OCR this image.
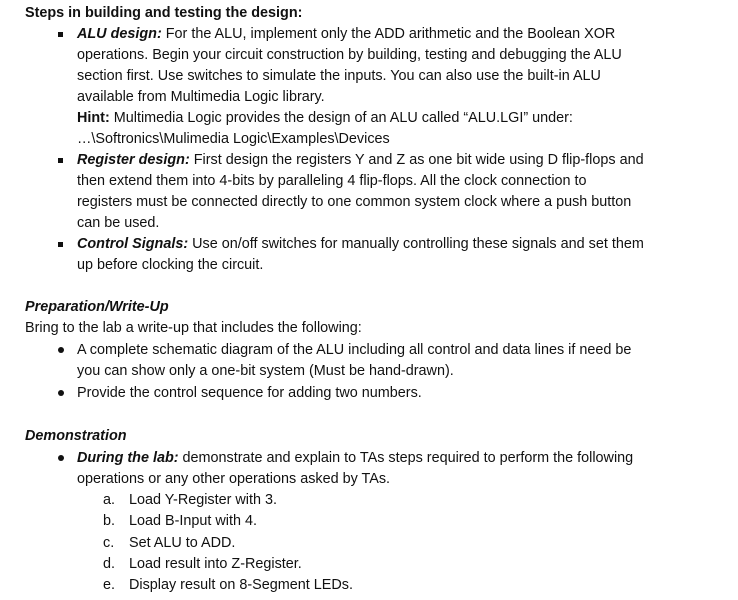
Steps in building and testing the design:
ALU design: For the ALU, implement only the ADD arithmetic and the Boolean XOR
operations. Begin your circuit construction by building, testing and debugging the ALU
section first. Use switches to simulate the inputs. You can also use the built-in ALU
available from Multimedia Logic library.
Hint: Multimedia Logic provides the design of an ALU called “ALU.LGI” under:
…\Softronics\Mulimedia Logic\Examples\Devices
Register design: First design the registers Y and Z as one bit wide using D flip-flops and
then extend them into 4-bits by paralleling 4 flip-flops. All the clock connection to
registers must be connected directly to one common system clock where a push button
can be used.
Control Signals: Use on/off switches for manually controlling these signals and set them
up before clocking the circuit.
Preparation/Write-Up
Bring to the lab a write-up that includes the following:
A complete schematic diagram of the ALU including all control and data lines if need be
you can show only a one-bit system (Must be hand-drawn).
Provide the control sequence for adding two numbers.
Demonstration
During the lab: demonstrate and explain to TAs steps required to perform the following
operations or any other operations asked by TAs.
a. Load Y-Register with 3.
b. Load B-Input with 4.
c. Set ALU to ADD.
d. Load result into Z-Register.
e. Display result on 8-Segment LEDs.
